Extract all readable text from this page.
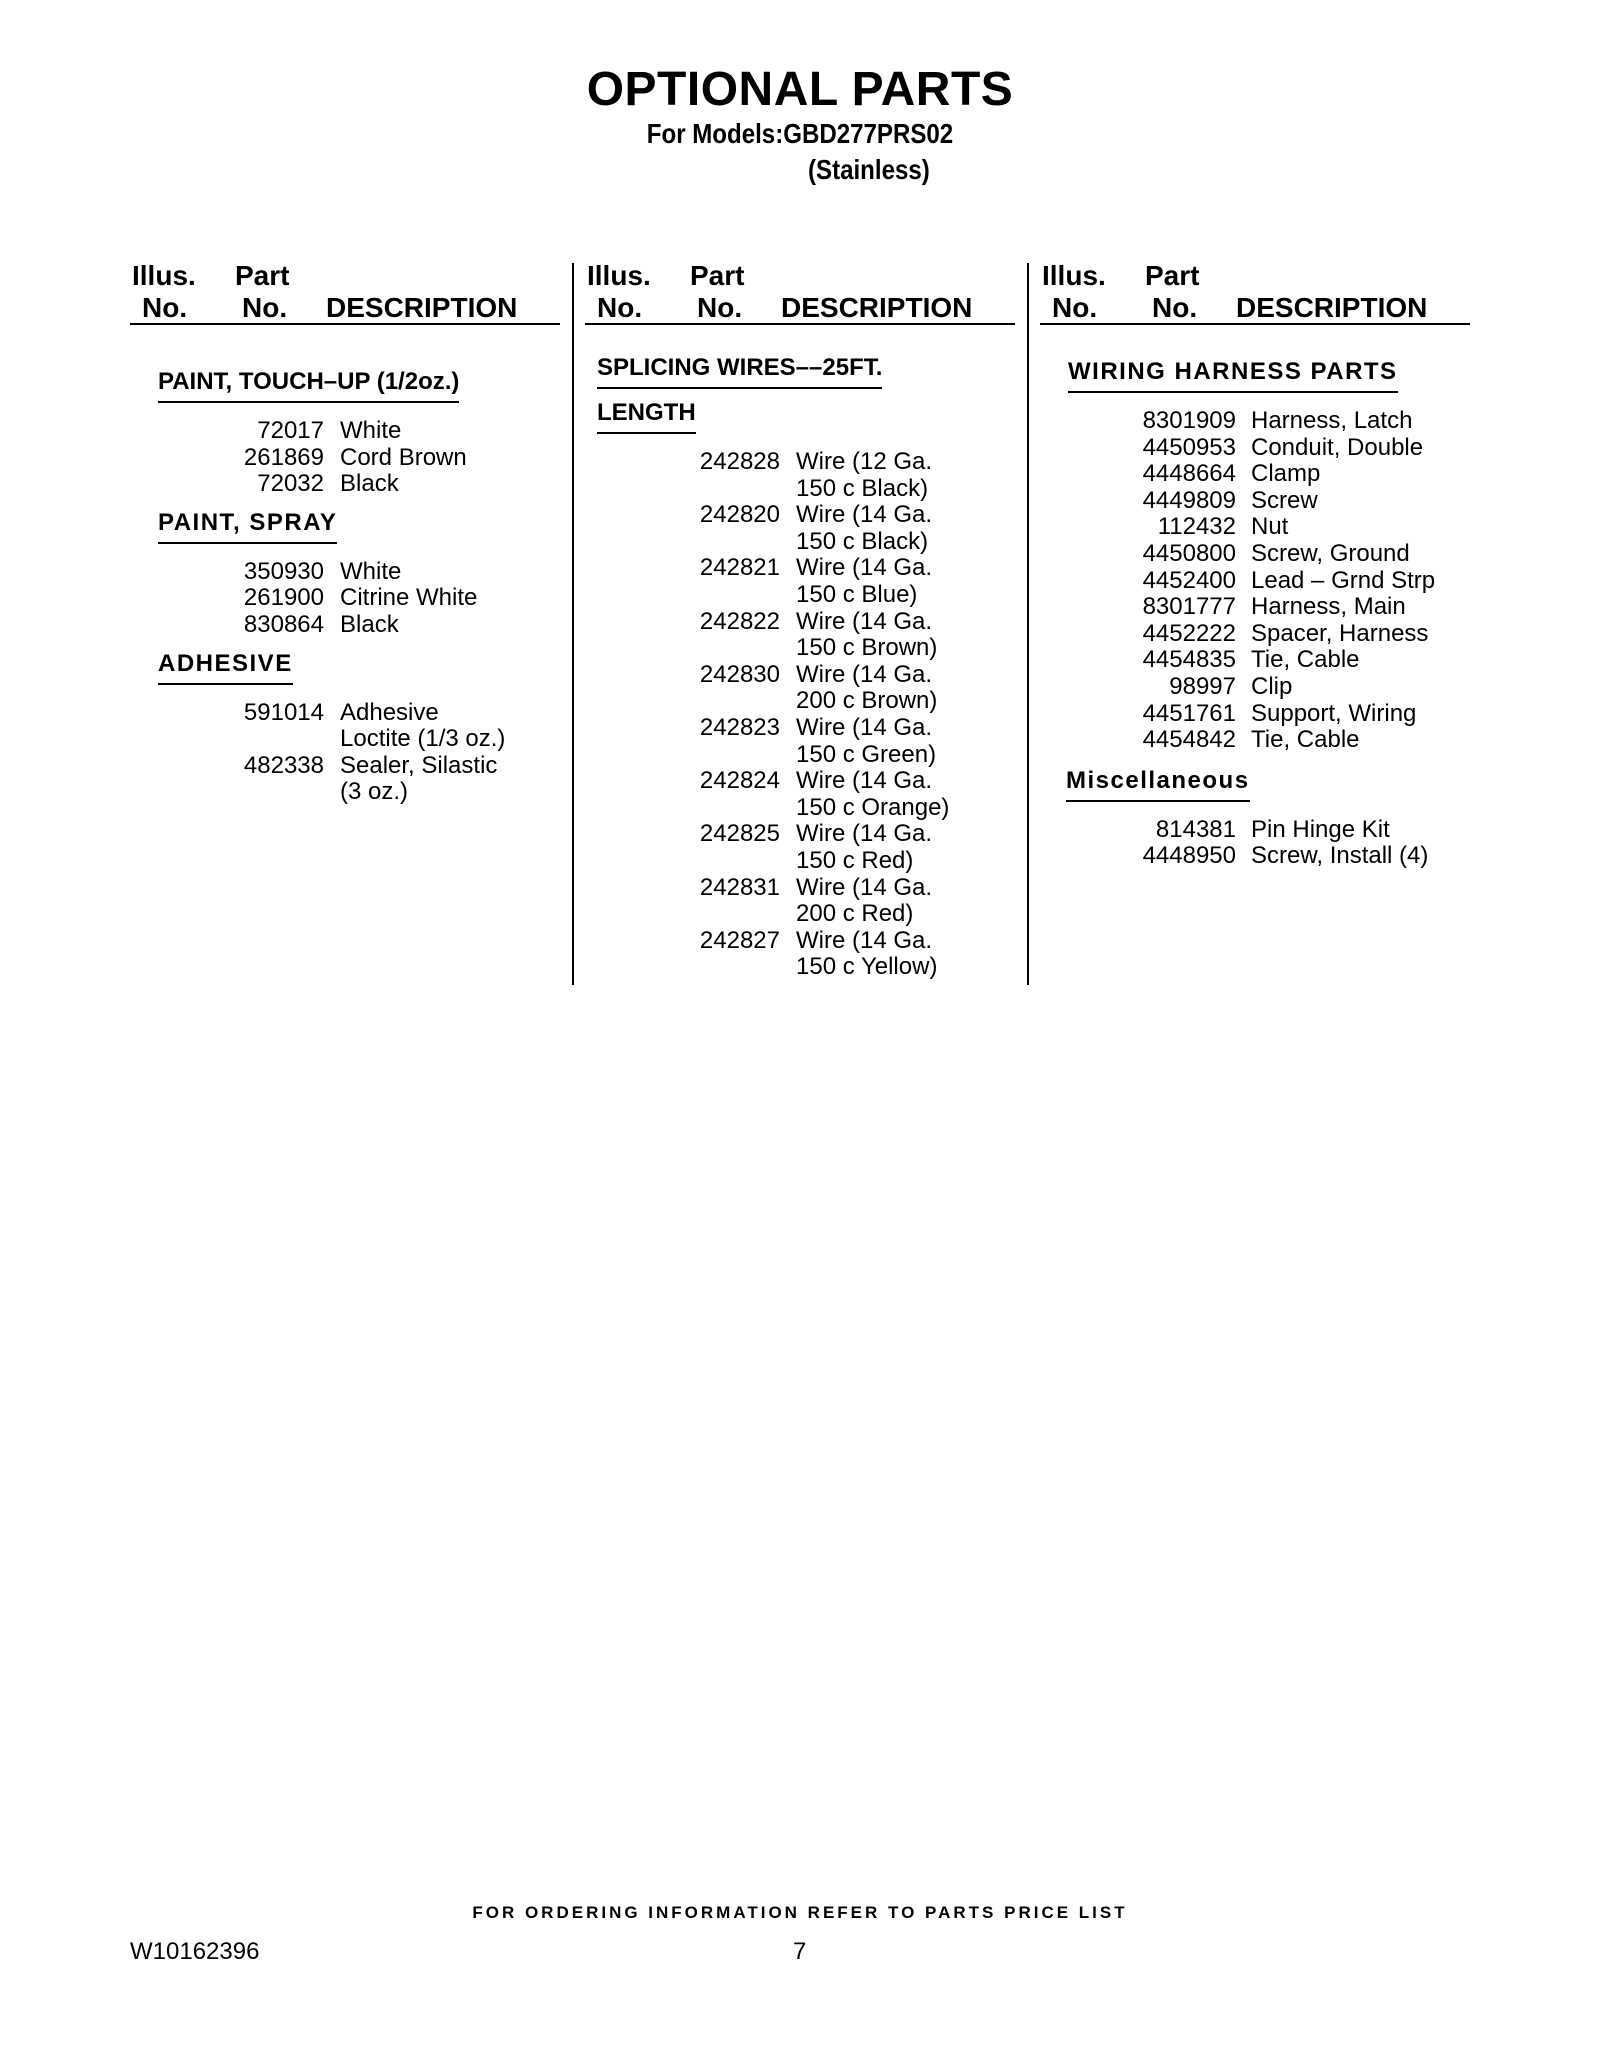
OPTIONAL PARTS
For Models:GBD277PRS02
(Stainless)
Illus.
No.
Part
No. DESCRIPTION
PAINT, TOUCH–UP (1/2oz.)
72017 White
261869 Cord Brown
72032 Black
PAINT, SPRAY
350930 White
261900 Citrine White
830864 Black
ADHESIVE
591014 Adhesive
Loctite (1/3 oz.)
482338 Sealer, Silastic
(3 oz.)
Illus.
No.
Part
No. DESCRIPTION
SPLICING WIRES––25FT.
LENGTH
242828 Wire (12 Ga.
150 c Black)
242820 Wire (14 Ga.
150 c Black)
242821 Wire (14 Ga.
150 c Blue)
242822 Wire (14 Ga.
150 c Brown)
242830 Wire (14 Ga.
200 c Brown)
242823 Wire (14 Ga.
150 c Green)
242824 Wire (14 Ga.
150 c Orange)
242825 Wire (14 Ga.
150 c Red)
242831 Wire (14 Ga.
200 c Red)
242827 Wire (14 Ga.
150 c Yellow)
Illus.
No.
Part
No. DESCRIPTION
WIRING HARNESS PARTS
8301909 Harness, Latch
4450953 Conduit, Double
4448664 Clamp
4449809 Screw
112432 Nut
4450800 Screw, Ground
4452400 Lead – Grnd Strp
8301777 Harness, Main
4452222 Spacer, Harness
4454835 Tie, Cable
98997 Clip
4451761 Support, Wiring
4454842 Tie, Cable
Miscellaneous
814381 Pin Hinge Kit
4448950 Screw, Install (4)
FOR ORDERING INFORMATION REFER TO PARTS PRICE LIST
W10162396	7
